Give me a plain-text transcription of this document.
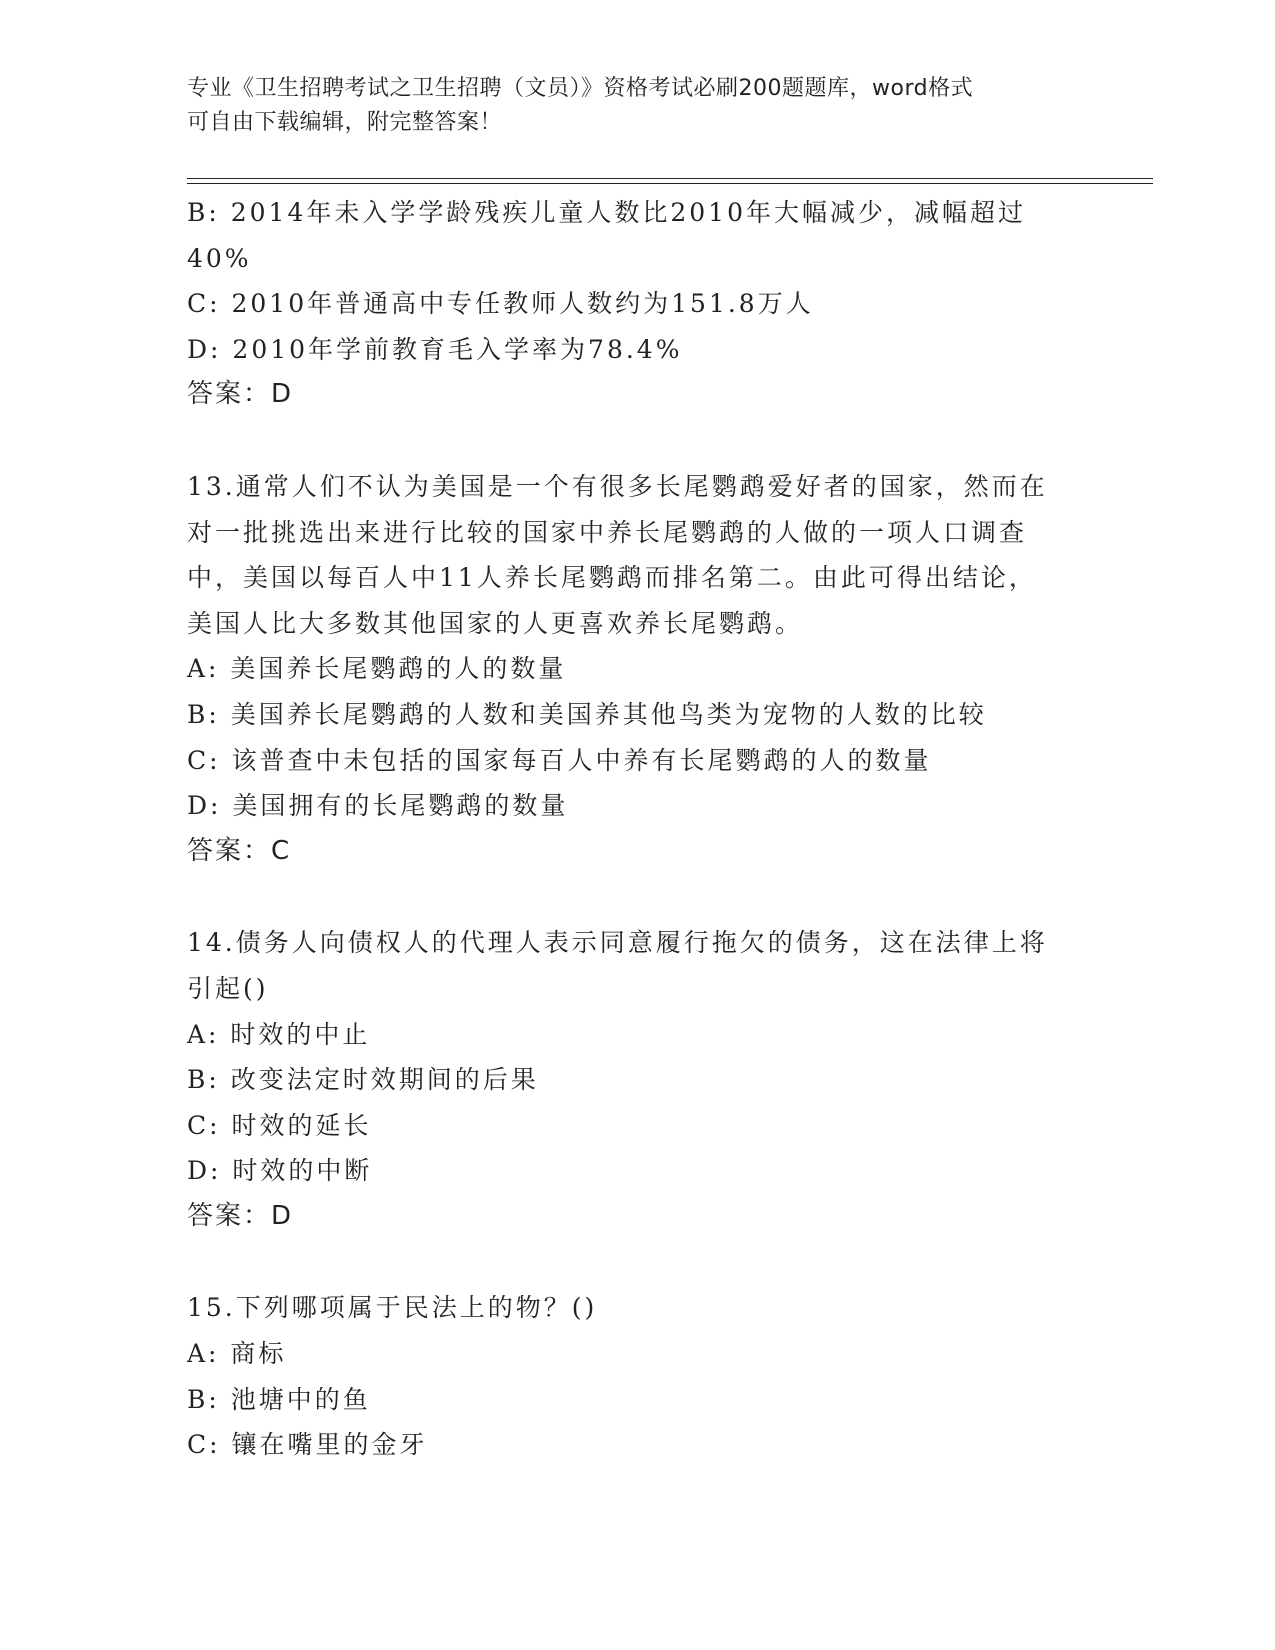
专业《卫生招聘考试之卫生招聘（文员）》资格考试必刷200题题库，word格式
可自由下载编辑，附完整答案！
B: 2014年未入学学龄残疾儿童人数比2010年大幅减少，减幅超过
40%
C: 2010年普通高中专任教师人数约为151.8万人
D: 2010年学前教育毛入学率为78.4%
答案：D
13.通常人们不认为美国是一个有很多长尾鹦鹉爱好者的国家，然而在
对一批挑选出来进行比较的国家中养长尾鹦鹉的人做的一项人口调查
中，美国以每百人中11人养长尾鹦鹉而排名第二。由此可得出结论，
美国人比大多数其他国家的人更喜欢养长尾鹦鹉。
A: 美国养长尾鹦鹉的人的数量
B: 美国养长尾鹦鹉的人数和美国养其他鸟类为宠物的人数的比较
C: 该普查中未包括的国家每百人中养有长尾鹦鹉的人的数量
D: 美国拥有的长尾鹦鹉的数量
答案：C
14.债务人向债权人的代理人表示同意履行拖欠的债务，这在法律上将
引起()
A: 时效的中止
B: 改变法定时效期间的后果
C: 时效的延长
D: 时效的中断
答案：D
15.下列哪项属于民法上的物？()
A: 商标
B: 池塘中的鱼
C: 镶在嘴里的金牙
